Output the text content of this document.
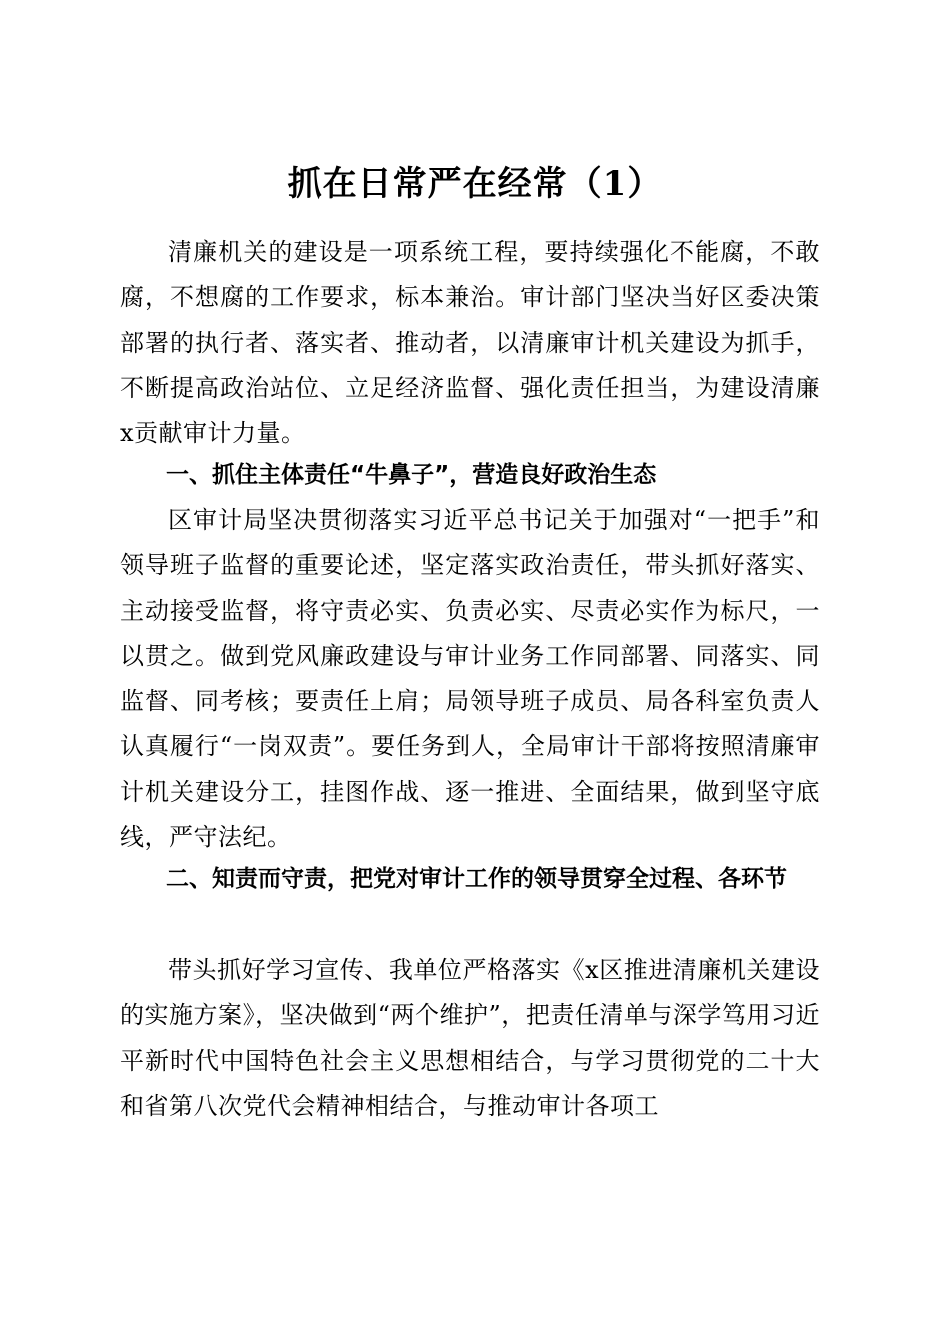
抓在日常严在经常（1）

清廉机关的建设是一项系统工程，要持续强化不能腐，不敢腐，不想腐的工作要求，标本兼治。审计部门坚决当好区委决策部署的执行者、落实者、推动者，以清廉审计机关建设为抓手，不断提高政治站位、立足经济监督、强化责任担当，为建设清廉x贡献审计力量。

一、抓住主体责任“牛鼻子”，营造良好政治生态

区审计局坚决贯彻落实习近平总书记关于加强对“一把手”和领导班子监督的重要论述，坚定落实政治责任，带头抓好落实、主动接受监督，将守责必实、负责必实、尽责必实作为标尺，一以贯之。做到党风廉政建设与审计业务工作同部署、同落实、同监督、同考核；要责任上肩；局领导班子成员、局各科室负责人认真履行“一岗双责”。要任务到人，全局审计干部将按照清廉审计机关建设分工，挂图作战、逐一推进、全面结果，做到坚守底线，严守法纪。

二、知责而守责，把党对审计工作的领导贯穿全过程、各环节

带头抓好学习宣传、我单位严格落实《x区推进清廉机关建设的实施方案》，坚决做到“两个维护”，把责任清单与深学笃用习近平新时代中国特色社会主义思想相结合，与学习贯彻党的二十大和省第八次党代会精神相结合，与推动审计各项工
